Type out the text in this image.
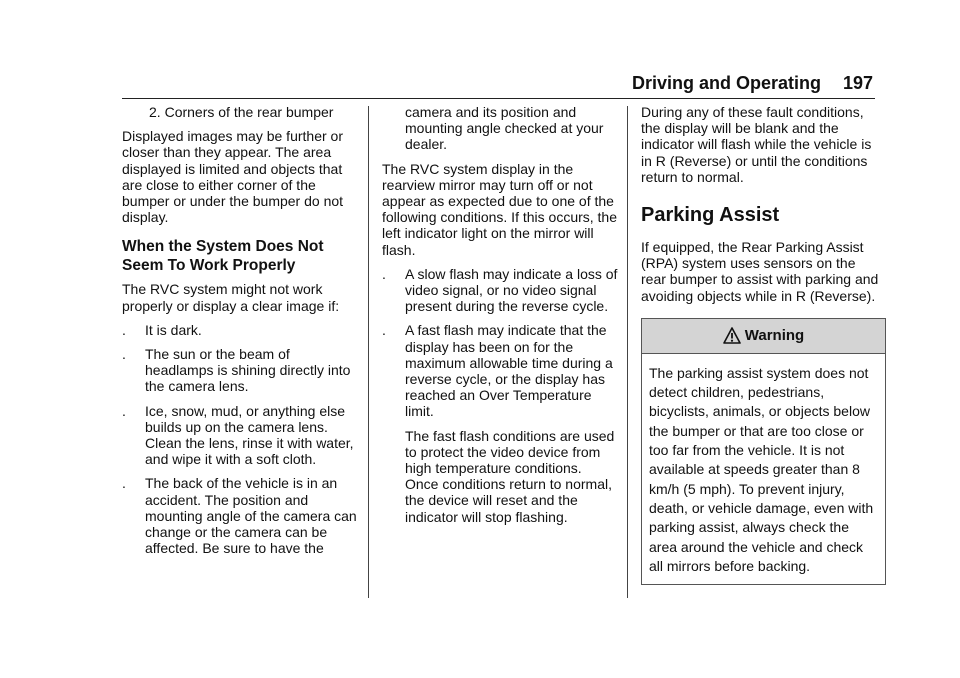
Driving and Operating 197

2. Corners of the rear bumper

Displayed images may be further or closer than they appear. The area displayed is limited and objects that are close to either corner of the bumper or under the bumper do not display.

When the System Does Not Seem To Work Properly

The RVC system might not work properly or display a clear image if:

. It is dark.
. The sun or the beam of headlamps is shining directly into the camera lens.
. Ice, snow, mud, or anything else builds up on the camera lens. Clean the lens, rinse it with water, and wipe it with a soft cloth.
. The back of the vehicle is in an accident. The position and mounting angle of the camera can change or the camera can be affected. Be sure to have the

camera and its position and mounting angle checked at your dealer.

The RVC system display in the rearview mirror may turn off or not appear as expected due to one of the following conditions. If this occurs, the left indicator light on the mirror will flash.

. A slow flash may indicate a loss of video signal, or no video signal present during the reverse cycle.
. A fast flash may indicate that the display has been on for the maximum allowable time during a reverse cycle, or the display has reached an Over Temperature limit.

The fast flash conditions are used to protect the video device from high temperature conditions. Once conditions return to normal, the device will reset and the indicator will stop flashing.

During any of these fault conditions, the display will be blank and the indicator will flash while the vehicle is in R (Reverse) or until the conditions return to normal.

Parking Assist

If equipped, the Rear Parking Assist (RPA) system uses sensors on the rear bumper to assist with parking and avoiding objects while in R (Reverse).

Warning
The parking assist system does not detect children, pedestrians, bicyclists, animals, or objects below the bumper or that are too close or too far from the vehicle. It is not available at speeds greater than 8 km/h (5 mph). To prevent injury, death, or vehicle damage, even with parking assist, always check the area around the vehicle and check all mirrors before backing.
